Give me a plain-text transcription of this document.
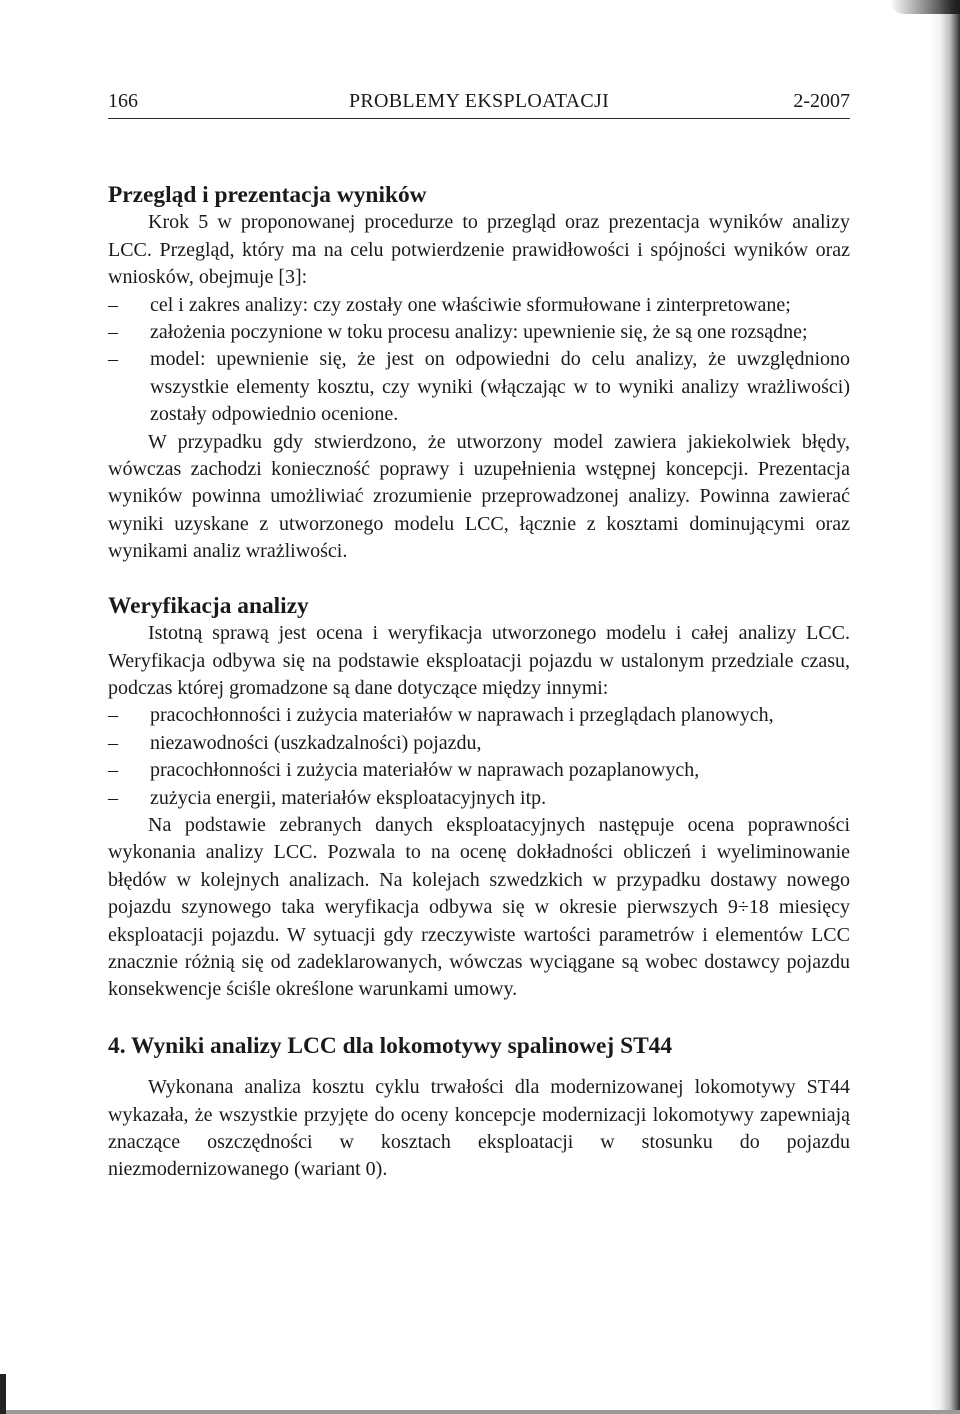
166	PROBLEMY EKSPLOATACJI	2-2007
Przegląd i prezentacja wyników

Krok 5 w proponowanej procedurze to przegląd oraz prezentacja wyników analizy LCC. Przegląd, który ma na celu potwierdzenie prawidłowości i spójności wyników oraz wniosków, obejmuje [3]:

– cel i zakres analizy: czy zostały one właściwie sformułowane i zinterpretowane;
– założenia poczynione w toku procesu analizy: upewnienie się, że są one rozsądne;
– model: upewnienie się, że jest on odpowiedni do celu analizy, że uwzględniono wszystkie elementy kosztu, czy wyniki (włączając w to wyniki analizy wrażliwości) zostały odpowiednio ocenione.

W przypadku gdy stwierdzono, że utworzony model zawiera jakiekolwiek błędy, wówczas zachodzi konieczność poprawy i uzupełnienia wstępnej koncepcji. Prezentacja wyników powinna umożliwiać zrozumienie przeprowadzonej analizy. Powinna zawierać wyniki uzyskane z utworzonego modelu LCC, łącznie z kosztami dominującymi oraz wynikami analiz wrażliwości.

Weryfikacja analizy

Istotną sprawą jest ocena i weryfikacja utworzonego modelu i całej analizy LCC. Weryfikacja odbywa się na podstawie eksploatacji pojazdu w ustalonym przedziale czasu, podczas której gromadzone są dane dotyczące między innymi:

– pracochłonności i zużycia materiałów w naprawach i przeglądach planowych,
– niezawodności (uszkadzalności) pojazdu,
– pracochłonności i zużycia materiałów w naprawach pozaplanowych,
– zużycia energii, materiałów eksploatacyjnych itp.

Na podstawie zebranych danych eksploatacyjnych następuje ocena poprawności wykonania analizy LCC. Pozwala to na ocenę dokładności obliczeń i wyeliminowanie błędów w kolejnych analizach. Na kolejach szwedzkich w przypadku dostawy nowego pojazdu szynowego taka weryfikacja odbywa się w okresie pierwszych 9÷18 miesięcy eksploatacji pojazdu. W sytuacji gdy rzeczywiste wartości parametrów i elementów LCC znacznie różnią się od zadeklarowanych, wówczas wyciągane są wobec dostawcy pojazdu konsekwencje ściśle określone warunkami umowy.

4. Wyniki analizy LCC dla lokomotywy spalinowej ST44

Wykonana analiza kosztu cyklu trwałości dla modernizowanej lokomotywy ST44 wykazała, że wszystkie przyjęte do oceny koncepcje modernizacji lokomotywy zapewniają znaczące oszczędności w kosztach eksploatacji w stosunku do pojazdu niezmodernizowanego (wariant 0).
